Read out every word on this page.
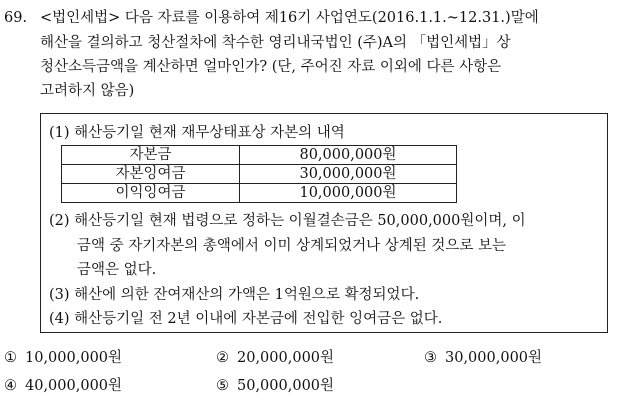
69. <법인세법> 다음 자료를 이용하여 제16기 사업연도(2016.1.1.~12.31.)말에
해산을 결의하고 청산절차에 착수한 영리내국법인 (주)A의 「법인세법」상
청산소득금액을 계산하면 얼마인가? (단, 주어진 자료 이외에 다른 사항은
고려하지 않음)
(1) 해산등기일 현재 재무상태표상 자본의 내역
자본금	80,000,000원
자본잉여금	30,000,000원
이익잉여금	10,000,000원
(2) 해산등기일 현재 법령으로 정하는 이월결손금은 50,000,000원이며, 이
금액 중 자기자본의 총액에서 이미 상계되었거나 상계된 것으로 보는
금액은 없다.
(3) 해산에 의한 잔여재산의 가액은 1억원으로 확정되었다.
(4) 해산등기일 전 2년 이내에 자본금에 전입한 잉여금은 없다.
① 10,000,000원	② 20,000,000원	③ 30,000,000원
④ 40,000,000원	⑤ 50,000,000원
